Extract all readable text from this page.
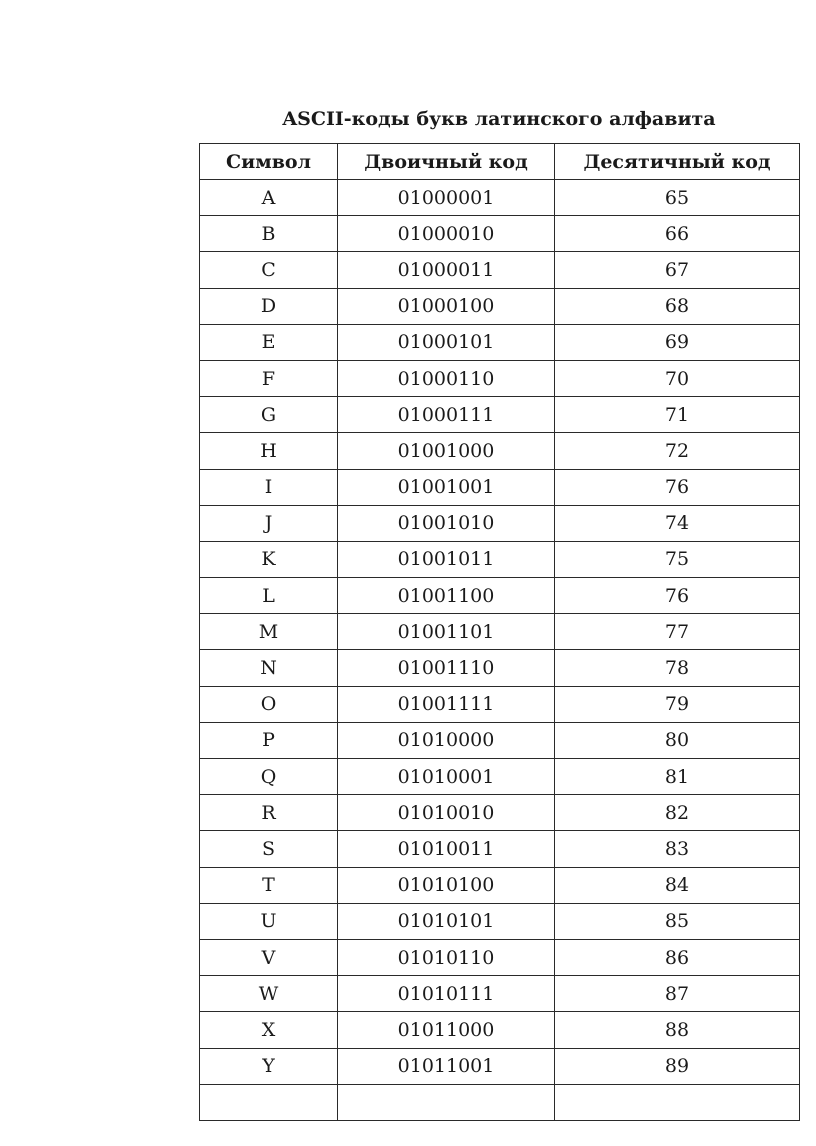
ASCII-коды букв латинского алфавита
Символ	Двоичный код	Десятичный код
A	01000001	65
B	01000010	66
C	01000011	67
D	01000100	68
E	01000101	69
F	01000110	70
G	01000111	71
H	01001000	72
I	01001001	76
J	01001010	74
K	01001011	75
L	01001100	76
M	01001101	77
N	01001110	78
O	01001111	79
P	01010000	80
Q	01010001	81
R	01010010	82
S	01010011	83
T	01010100	84
U	01010101	85
V	01010110	86
W	01010111	87
X	01011000	88
Y	01011001	89
